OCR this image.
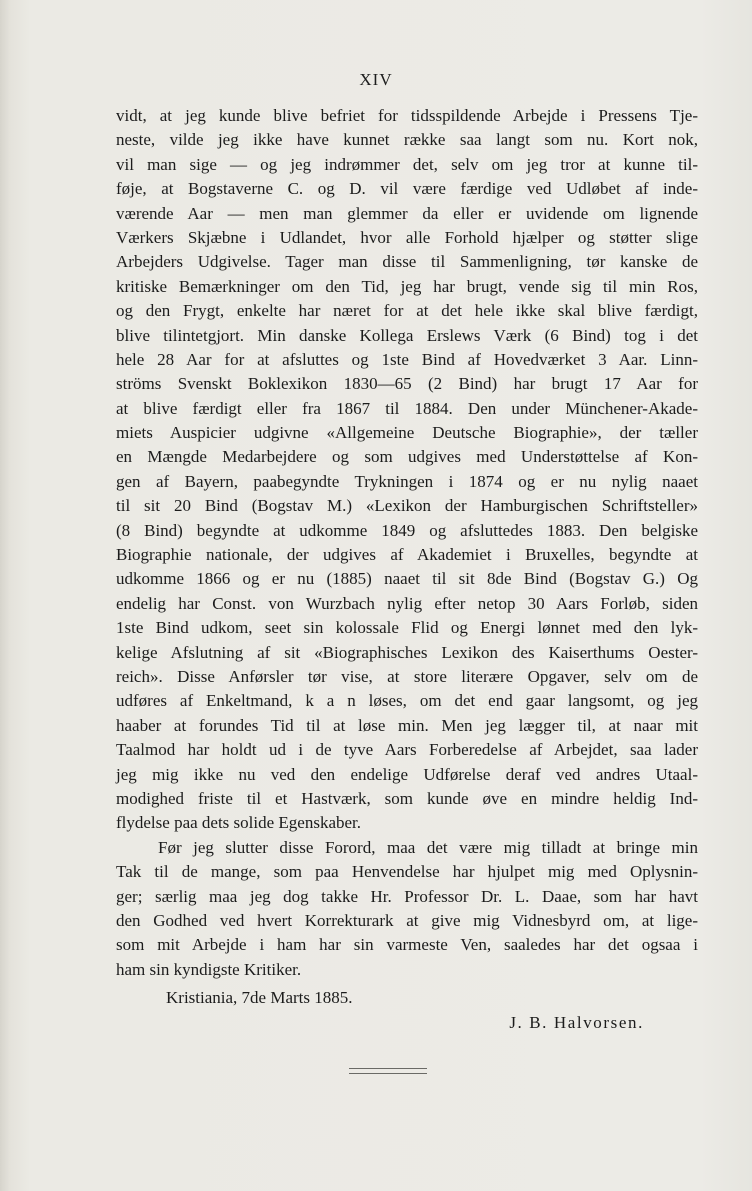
XIV
vidt, at jeg kunde blive befriet for tidsspildende Arbejde i Pressens Tje-
neste, vilde jeg ikke have kunnet række saa langt som nu. Kort nok,
vil man sige — og jeg indrømmer det, selv om jeg tror at kunne til-
føje, at Bogstaverne C. og D. vil være færdige ved Udløbet af inde-
værende Aar — men man glemmer da eller er uvidende om lignende
Værkers Skjæbne i Udlandet, hvor alle Forhold hjælper og støtter slige
Arbejders Udgivelse. Tager man disse til Sammenligning, tør kanske de
kritiske Bemærkninger om den Tid, jeg har brugt, vende sig til min Ros,
og den Frygt, enkelte har næret for at det hele ikke skal blive færdigt,
blive tilintetgjort. Min danske Kollega Erslews Værk (6 Bind) tog i det
hele 28 Aar for at afsluttes og 1ste Bind af Hovedværket 3 Aar. Linn-
ströms Svenskt Boklexikon 1830—65 (2 Bind) har brugt 17 Aar for
at blive færdigt eller fra 1867 til 1884. Den under Münchener-Akade-
miets Auspicier udgivne «Allgemeine Deutsche Biographie», der tæller
en Mængde Medarbejdere og som udgives med Understøttelse af Kon-
gen af Bayern, paabegyndte Trykningen i 1874 og er nu nylig naaet
til sit 20 Bind (Bogstav M.) «Lexikon der Hamburgischen Schriftsteller»
(8 Bind) begyndte at udkomme 1849 og afsluttedes 1883. Den belgiske
Biographie nationale, der udgives af Akademiet i Bruxelles, begyndte at
udkomme 1866 og er nu (1885) naaet til sit 8de Bind (Bogstav G.) Og
endelig har Const. von Wurzbach nylig efter netop 30 Aars Forløb, siden
1ste Bind udkom, seet sin kolossale Flid og Energi lønnet med den lyk-
kelige Afslutning af sit «Biographisches Lexikon des Kaiserthums Oester-
reich». Disse Anførsler tør vise, at store literære Opgaver, selv om de
udføres af Enkeltmand, k a n løses, om det end gaar langsomt, og jeg
haaber at forundes Tid til at løse min. Men jeg lægger til, at naar mit
Taalmod har holdt ud i de tyve Aars Forberedelse af Arbejdet, saa lader
jeg mig ikke nu ved den endelige Udførelse deraf ved andres Utaal-
modighed friste til et Hastværk, som kunde øve en mindre heldig Ind-
flydelse paa dets solide Egenskaber.
Før jeg slutter disse Forord, maa det være mig tilladt at bringe min
Tak til de mange, som paa Henvendelse har hjulpet mig med Oplysnin-
ger; særlig maa jeg dog takke Hr. Professor Dr. L. Daae, som har havt
den Godhed ved hvert Korrekturark at give mig Vidnesbyrd om, at lige-
som mit Arbejde i ham har sin varmeste Ven, saaledes har det ogsaa i
ham sin kyndigste Kritiker.
Kristiania, 7de Marts 1885.
J. B. Halvorsen.
